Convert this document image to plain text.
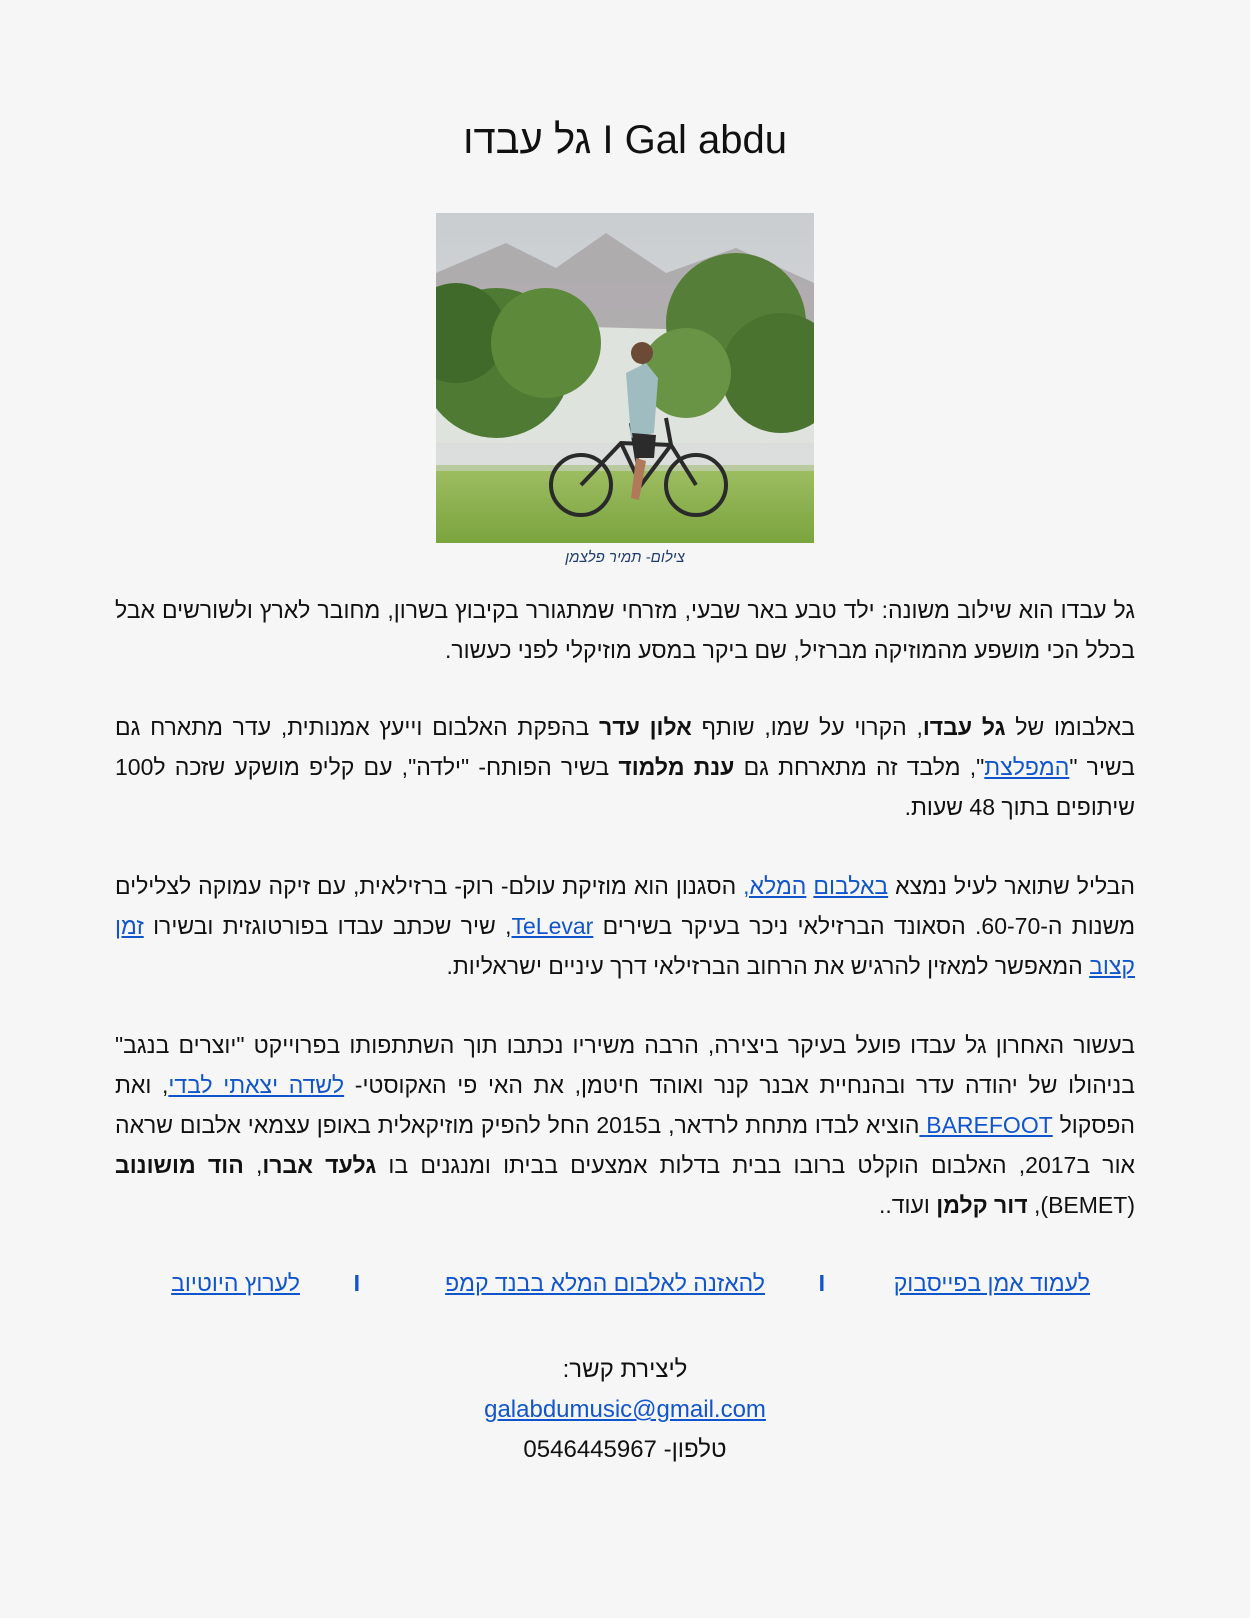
גל עבדו I Gal abdu
צילום- תמיר פלצמן

גל עבדו הוא שילוב משונה: ילד טבע באר שבעי, מזרחי שמתגורר בקיבוץ בשרון, מחובר לארץ ולשורשים אבל בכלל הכי מושפע מהמוזיקה מברזיל, שם ביקר במסע מוזיקלי לפני כעשור.

באלבומו של גל עבדו, הקרוי על שמו, שותף אלון עדר בהפקת האלבום וייעץ אמנותית, עדר מתארח גם בשיר "המפלצת", מלבד זה מתארחת גם ענת מלמוד בשיר הפותח- "ילדה", עם קליפ מושקע שזכה ל100 שיתופים בתוך 48 שעות.

הבליל שתואר לעיל נמצא באלבום המלא, הסגנון הוא מוזיקת עולם- רוק- ברזילאית, עם זיקה עמוקה לצלילים משנות ה-60-70. הסאונד הברזילאי ניכר בעיקר בשירים TeLevar, שיר שכתב עבדו בפורטוגזית ובשירו זמן קצוב המאפשר למאזין להרגיש את הרחוב הברזילאי דרך עיניים ישראליות.

בעשור האחרון גל עבדו פועל בעיקר ביצירה, הרבה משיריו נכתבו תוך השתתפותו בפרוייקט "יוצרים בנגב" בניהולו של יהודה עדר ובהנחיית אבנר קנר ואוהד חיטמן, את האי פי האקוסטי- לשדה יצאתי לבדי, ואת הפסקול BAREFOOT הוציא לבדו מתחת לרדאר, ב2015 החל להפיק מוזיקאלית באופן עצמאי אלבום שראה אור ב2017, האלבום הוקלט ברובו בבית בדלות אמצעים בביתו ומנגנים בו גלעד אברו, הוד מושונוב (BEMET), דור קלמן ועוד..

לעמוד אמן בפייסבוק
I
להאזנה לאלבום המלא בבנד קמפ
I
לערוץ היוטיוב
ליצירת קשר:
galabdumusic@gmail.com
טלפון- 0546445967
